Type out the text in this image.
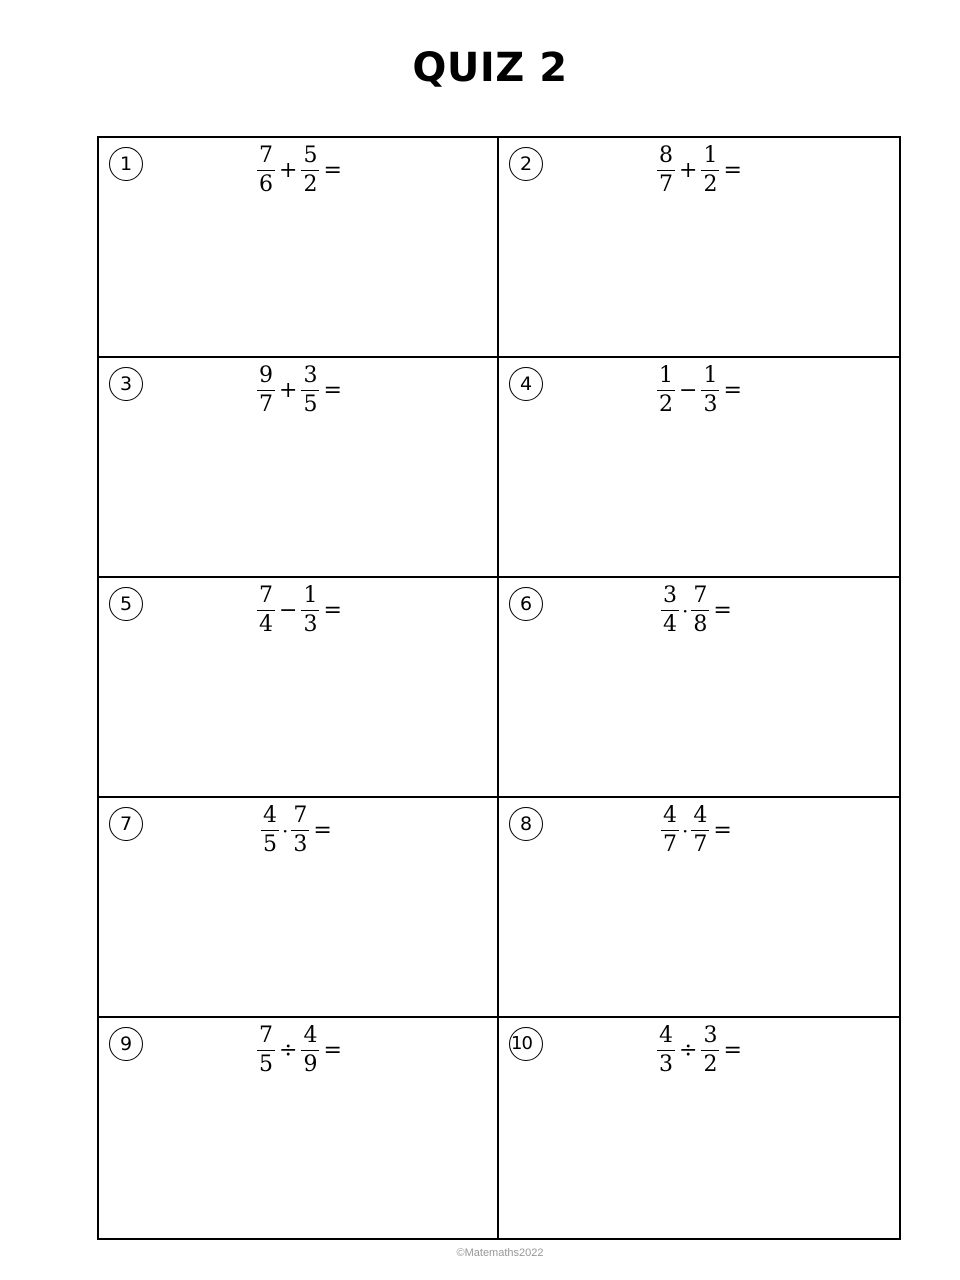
QUIZ 2
1	$\frac{7}{6} + \frac{5}{2}$ =	2	$\frac{8}{7} + \frac{1}{2}$ =
3	$\frac{9}{7} + \frac{3}{5}$ =	4	$\frac{1}{2} - \frac{1}{3}$ =
5	$\frac{7}{4} - \frac{1}{3}$ =	6	$\frac{3}{4} \cdot \frac{7}{8}$ =
7	$\frac{4}{5} \cdot \frac{7}{3}$ =	8	$\frac{4}{7} \cdot \frac{4}{7}$ =
9	$\frac{7}{5} \div \frac{4}{9}$ =	10	$\frac{4}{3} \div \frac{3}{2}$ =
©Matemaths2022
